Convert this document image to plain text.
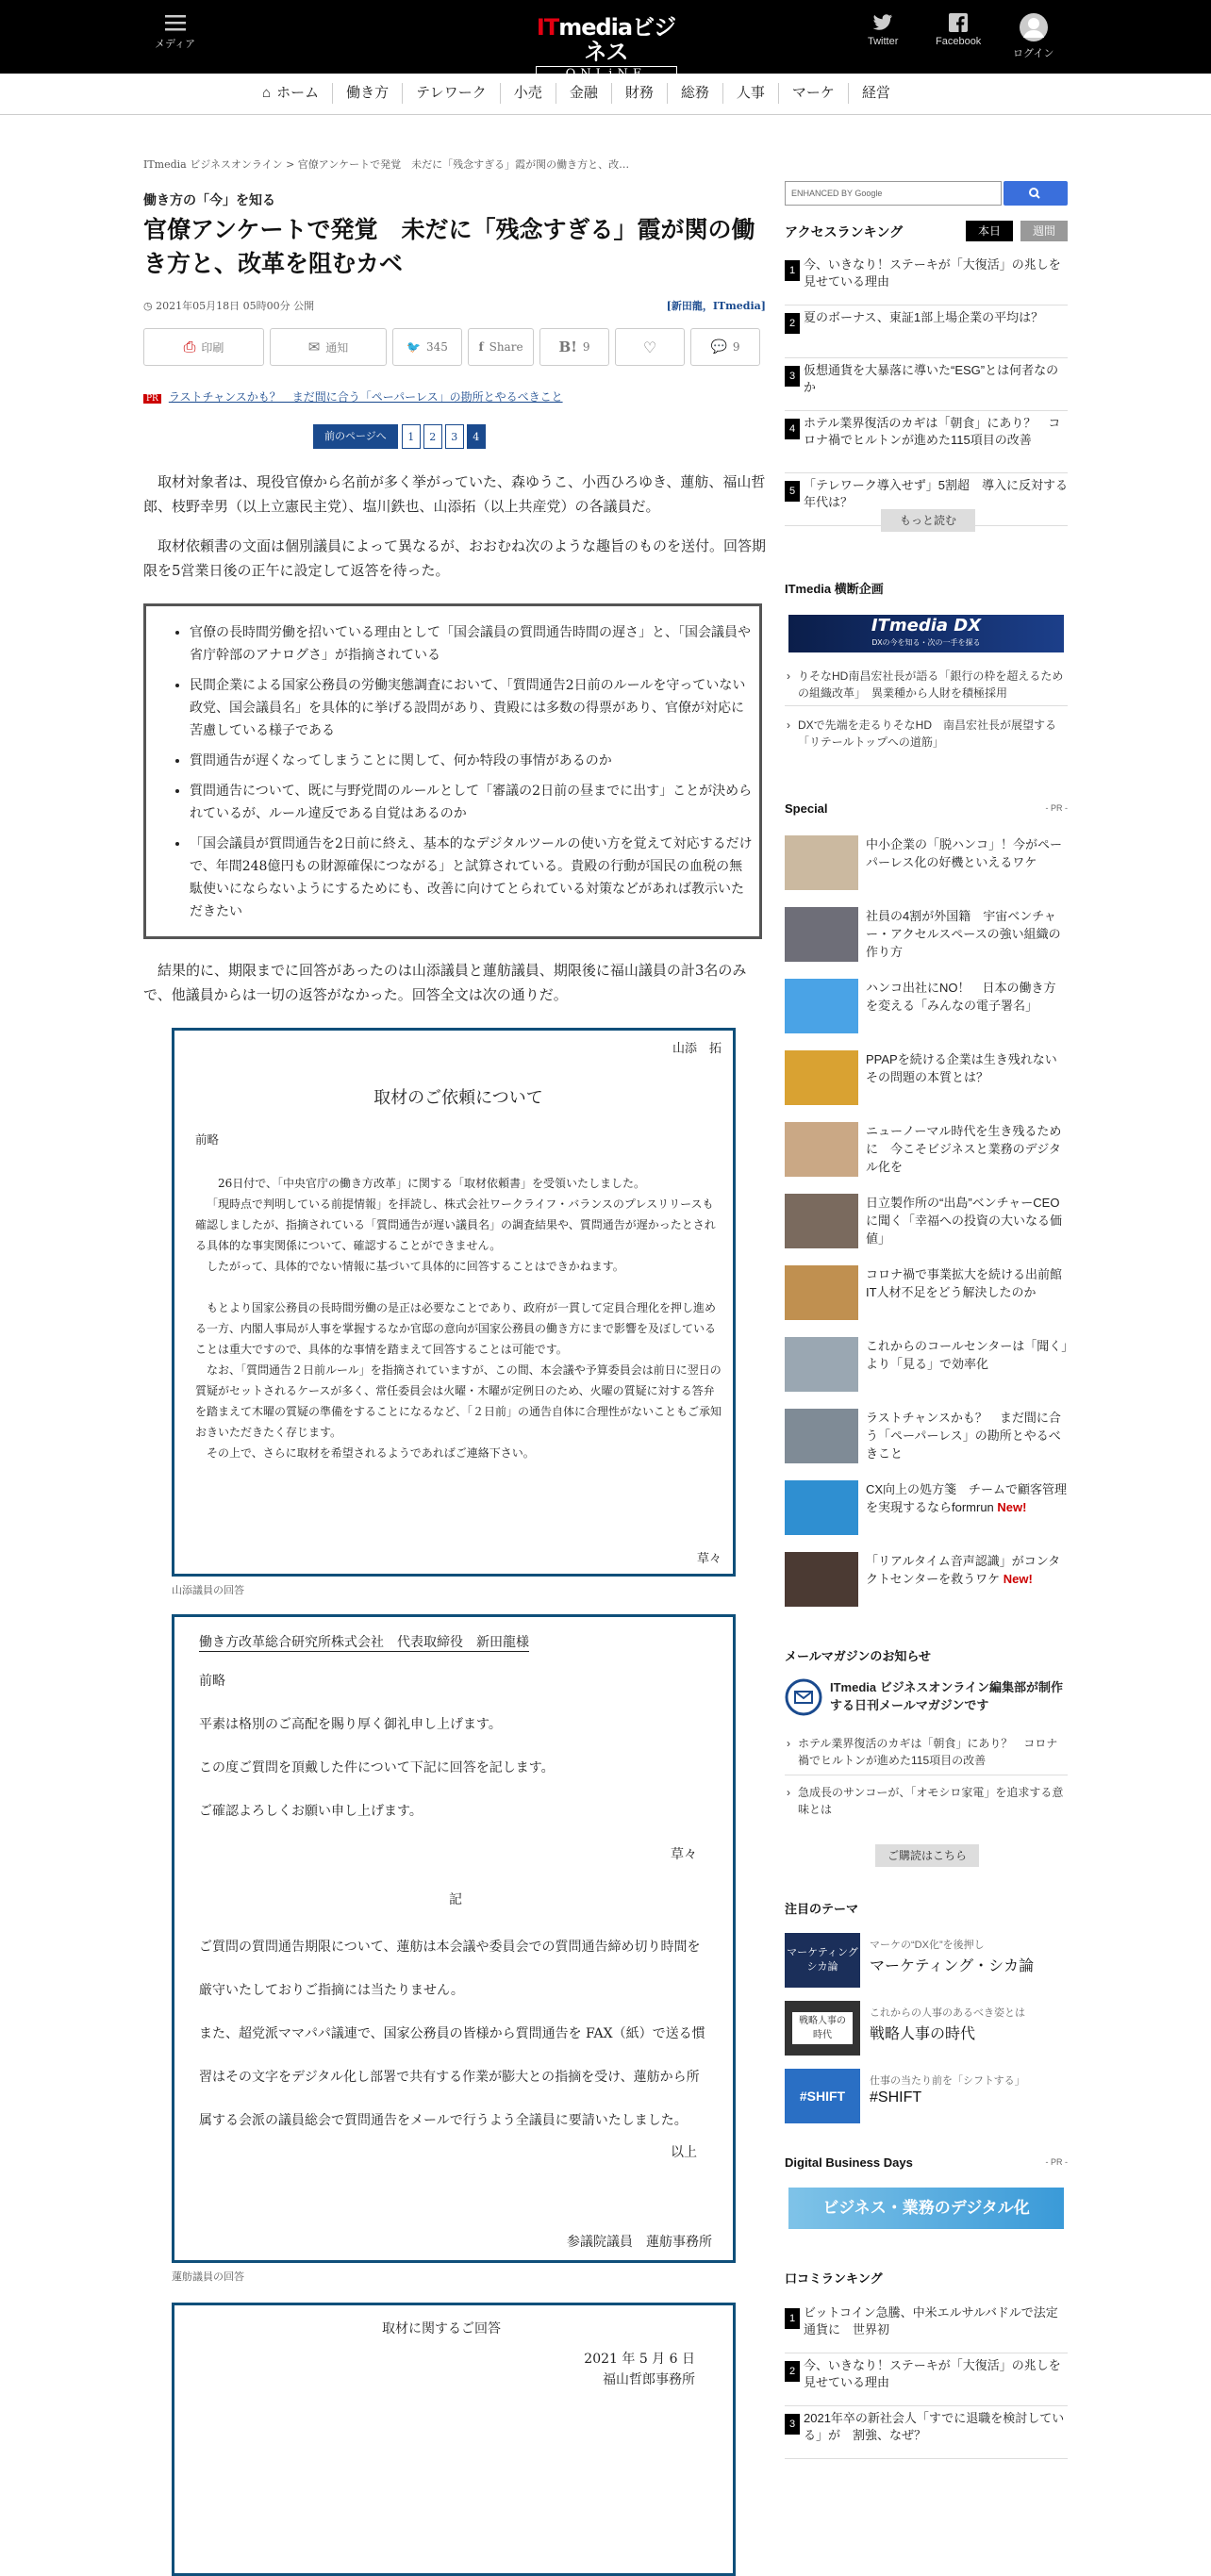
メディア
ITmediaビジネス	Twitter	Facebook
ログイン
⌂ ホーム	働き方	テレワーク	小売	金融	財務	総務	人事	マーケ	経営
ITmedia ビジネスオンライン > 官僚アンケートで発覚　未だに「残念すぎる」霞が関の働き方と、改…
働き方の「今」を知る
官僚アンケートで発覚　未だに「残念すぎる」霞が関の働き方と、改革を阻むカベ
◷ 2021年05月18日 05時00分 公開	[新田龍，ITmedia]
⎙ 印刷	✉ 通知	🐦 345	f Share	B! 9	♡	💬 9
PR ラストチャンスかも？　まだ間に合う「ペーパーレス」の勘所とやるべきこと
前のページへ	1	2	3	4

取材対象者は、現役官僚から名前が多く挙がっていた、森ゆうこ、小西ひろゆき、蓮舫、福山哲郎、枝野幸男（以上立憲民主党）、塩川鉄也、山添拓（以上共産党）の各議員だ。

取材依頼書の文面は個別議員によって異なるが、おおむね次のような趣旨のものを送付。回答期限を5営業日後の正午に設定して返答を待った。

• 官僚の長時間労働を招いている理由として「国会議員の質問通告時間の遅さ」と、「国会議員や省庁幹部のアナログさ」が指摘されている
• 民間企業による国家公務員の労働実態調査において、「質問通告2日前のルールを守っていない政党、国会議員名」を具体的に挙げる設問があり、貴殿には多数の得票があり、官僚が対応に苦慮している様子である
• 質問通告が遅くなってしまうことに関して、何か特段の事情があるのか
• 質問通告について、既に与野党間のルールとして「審議の2日前の昼までに出す」ことが決められているが、ルール違反である自覚はあるのか
• 「国会議員が質問通告を2日前に終え、基本的なデジタルツールの使い方を覚えて対応するだけで、年間248億円もの財源確保につながる」と試算されている。貴殿の行動が国民の血税の無駄使いにならないようにするためにも、改善に向けてとられている対策などがあれば教示いただきたい

結果的に、期限までに回答があったのは山添議員と蓮舫議員、期限後に福山議員の計3名のみで、他議員からは一切の返答がなかった。回答全文は次の通りだ。

山添　拓
取材のご依頼について

前略

26日付で、「中央官庁の働き方改革」に関する「取材依頼書」を受領いたしました。

「現時点で判明している前提情報」を拝読し、株式会社ワークライフ・バランスのプレスリリースも確認しましたが、指摘されている「質問通告が遅い議員名」の調査結果や、質問通告が遅かったとされる具体的な事実関係について、確認することができません。

したがって、具体的でない情報に基づいて具体的に回答することはできかねます。

もとより国家公務員の長時間労働の是正は必要なことであり、政府が一貫して定員合理化を押し進める一方、内閣人事局が人事を掌握するなか官邸の意向が国家公務員の働き方にまで影響を及ぼしていることは重大ですので、具体的な事情を踏まえて回答することは可能です。

なお、「質問通告２日前ルール」を指摘されていますが、この間、本会議や予算委員会は前日に翌日の質疑がセットされるケースが多く、常任委員会は火曜・木曜が定例日のため、火曜の質疑に対する答弁を踏まえて木曜の質疑の準備をすることになるなど、「２日前」の通告自体に合理性がないこともご承知おきいただきたく存じます。

その上で、さらに取材を希望されるようであればご連絡下さい。

草々
山添議員の回答
働き方改革総合研究所株式会社　代表取締役　新田龍様

前略

平素は格別のご高配を賜り厚く御礼申し上げます。

この度ご質問を頂戴した件について下記に回答を記します。

ご確認よろしくお願い申し上げます。

草々

記

ご質問の質問通告期限について、蓮舫は本会議や委員会での質問通告締め切り時間を厳守いたしておりご指摘には当たりません。

また、超党派ママパパ議連で、国家公務員の皆様から質問通告を FAX（紙）で送る慣習はその文字をデジタル化し部署で共有する作業が膨大との指摘を受け、蓮舫から所属する会派の議員総会で質問通告をメールで行うよう全議員に要請いたしました。

以上

参議院議員　蓮舫事務所

蓮舫議員の回答
取材に関するご回答
2021 年 5 月 6 日
福山哲郎事務所
ENHANCED BY Google
アクセスランキング	本日	週間
1 今、いきなり！ステーキが「大復活」の兆しを見せている理由
2 夏のボーナス、東証1部上場企業の平均は？
3 仮想通貨を大暴落に導いた“ESG”とは何者なのか
4 ホテル業界復活のカギは「朝食」にあり？　コロナ禍でヒルトンが進めた115項目の改善
5 「テレワーク導入せず」5割超　導入に反対する年代は？
もっと読む
ITmedia 横断企画
ITmedia DX
DXの今を知る・次の一手を探る
› りそなHD南昌宏社長が語る「銀行の枠を超えるための組織改革」　異業種から人財を積極採用
› DXで先端を走るりそなHD　南昌宏社長が展望する「リテールトップへの道筋」
Special	- PR -
中小企業の「脱ハンコ」！今がペーパーレス化の好機といえるワケ
社員の4割が外国籍　宇宙ベンチャー・アクセルスペースの強い組織の作り方
ハンコ出社にNO！　日本の働き方を変える「みんなの電子署名」
PPAPを続ける企業は生き残れない　その問題の本質とは？
ニューノーマル時代を生き残るために　今こそビジネスと業務のデジタル化を
日立製作所の“出島”ベンチャーCEOに聞く「幸福への投資の大いなる価値」
コロナ禍で事業拡大を続ける出前館　IT人材不足をどう解決したのか
これからのコールセンターは「聞く」より「見る」で効率化
ラストチャンスかも？　まだ間に合う「ペーパーレス」の勘所とやるべきこと
CX向上の処方箋　チームで顧客管理を実現するならformrun New!
「リアルタイム音声認識」がコンタクトセンターを救うワケ New!
メールマガジンのお知らせ
ITmedia ビジネスオンライン編集部が制作する日刊メールマガジンです
› ホテル業界復活のカギは「朝食」にあり？　コロナ禍でヒルトンが進めた115項目の改善
› 急成長のサンコーが、「オモシロ家電」を追求する意味とは
ご購読はこちら
注目のテーマ
マーケティング
シカ論
マーケの“DX化”を後押し
マーケティング・シカ論
戦略人事の
時代
これからの人事のあるべき姿とは
戦略人事の時代
#SHIFT
仕事の当たり前を「シフトする」
#SHIFT
Digital Business Days	- PR -
ビジネス・業務のデジタル化
口コミランキング
1 ビットコイン急騰、中米エルサルバドルで法定通貨に　世界初
2 今、いきなり！ステーキが「大復活」の兆しを見せている理由
3 2021年卒の新社会人「すでに退職を検討している」が　割強、なぜ？
